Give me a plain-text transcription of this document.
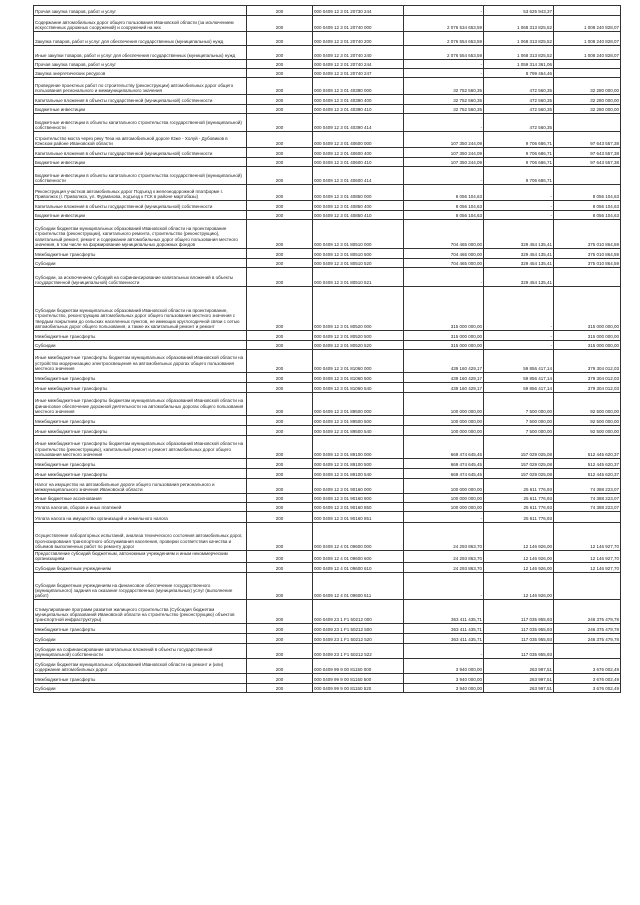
Прочая закупка товаров, работ и услуг	200	000 0409 12 3 01 20730 244	-	53 625 943,37	
Содержание автомобильных дорог общего пользования Ивановской области (за исключением искусственных дорожных сооружений) и сооружений на них	200	000 0409 12 3 01 20740 000	2 076 534 653,59	1 068 313 825,52	1 008 240 828,07
Закупка товаров, работ и услуг для обеспечения государственных (муниципальных) нужд	200	000 0409 12 3 01 20740 200	2 076 554 653,59	1 068 313 825,52	1 008 240 828,07
Иные закупки товаров, работ и услуг для обеспечения государственных (муниципальных) нужд	200	000 0409 12 3 01 20740 240	2 076 554 653,59	1 068 313 825,52	1 008 240 828,07
Прочая закупка товаров, работ и услуг	200	000 0409 12 3 01 20740 244	-	1 059 314 361,06	
Закупка энергетических ресурсов	200	000 0409 12 3 01 20740 247	-	8 799 464,46	
Проведение проектных работ по строительству (реконструкции) автомобильных дорог общего пользования регионального и межмуниципального значения	200	000 0409 12 3 01 40390 000	32 752 560,35	472 560,35	32 280 000,00
Капитальные вложения в объекты государственной (муниципальной) собственности	200	000 0409 12 3 01 40390 400	32 752 560,35	472 560,35	32 280 000,00
Бюджетные инвестиции	200	000 0409 12 3 01 40390 410	32 752 560,35	472 560,35	32 280 000,00
Бюджетные инвестиции в объекты капитального строительства государственной (муниципальной) собственности	200	000 0409 12 3 01 40390 414	-	472 560,35	
Строительство моста через реку Теза на автомобильной дороге Юже - Холуй - Дубовиков в Южском районе Ивановской области	200	000 0409 12 3 01 40600 000	107 350 244,09	9 706 686,71	97 643 557,38
Капитальные вложения в объекты государственной (муниципальной) собственности	200	000 0409 12 3 01 40600 400	107 350 244,09	9 706 686,71	97 643 557,38
Бюджетные инвестиции	200	000 0409 12 3 01 40600 410	107 350 244,09	9 706 686,71	97 643 557,38
Бюджетные инвестиции в объекты капитального строительства государственной (муниципальной) собственности	200	000 0409 12 3 01 40600 414	-	9 706 686,71	
Реконструкция участков автомобильных дорог Подъезд к железнодорожной платформе г. Приволжск (г. Приволжск, ул. Фурманова, подъезд к ГСК в районе мартобазы)	200	000 0409 12 3 01 40850 000	8 056 104,63	-	8 056 104,63
Капитальные вложения в объекты государственной (муниципальной) собственности	200	000 0409 12 3 01 40850 400	8 056 104,63	-	8 056 104,63
Бюджетные инвестиции	200	000 0409 12 3 01 40850 410	8 056 104,63	-	8 056 104,63
Субсидии бюджетам муниципальных образований Ивановской области на проектирование строительства (реконструкции), капитального ремонта, строительство (реконструкцию), капитальный ремонт, ремонт и содержание автомобильных дорог общего пользования местного значения, в том числе на формирование муниципальных дорожных фондов	200	000 0409 12 3 01 80510 000	704 465 000,00	329 454 135,41	375 010 864,59
Межбюджетные трансферты	200	000 0409 12 3 01 80510 500	704 465 000,00	329 454 135,41	375 010 864,59
Субсидии	200	000 0409 12 3 01 80510 520	704 465 000,00	329 454 135,41	375 010 864,59
Субсидии, за исключением субсидий на софинансирование капитальных вложений в объекты государственной (муниципальной) собственности	200	000 0409 12 3 01 80510 521	-	329 454 135,41	
Субсидии бюджетам муниципальных образований Ивановской области на проектирование, строительство, реконструкцию автомобильных дорог общего пользования местного значения с твердым покрытием до сельских населенных пунктов, не имеющих круглогодичной связи с сетью автомобильных дорог общего пользования, а также их капитальный ремонт и ремонт	200	000 0409 12 3 01 80520 000	315 000 000,00	-	315 000 000,00
Межбюджетные трансферты	200	000 0409 12 3 01 80520 500	315 000 000,00	-	315 000 000,00
Субсидии	200	000 0409 12 3 01 80520 520	315 000 000,00	-	315 000 000,00
Иные межбюджетные трансферты бюджетам муниципальных образований Ивановской области на устройство модернизацию электроосвещения на автомобильных дорогах общего пользования местного значения	200	000 0409 12 3 01 81060 000	439 160 429,17	59 856 417,14	379 304 012,03
Межбюджетные трансферты	200	000 0409 12 3 01 81060 500	439 160 429,17	59 856 417,14	379 304 012,03
Иные межбюджетные трансферты	200	000 0409 12 3 01 81060 540	439 160 429,17	59 856 417,14	379 304 012,03
Иные межбюджетные трансферты бюджетам муниципальных образований Ивановской области на финансовое обеспечение дорожной деятельности на автомобильных дорогах общего пользования местного значения	200	000 0409 12 3 01 89500 000	100 000 000,00	7 500 000,00	92 500 000,00
Межбюджетные трансферты	200	000 0409 12 3 01 89500 500	100 000 000,00	7 500 000,00	92 500 000,00
Иные межбюджетные трансферты	200	000 0409 12 3 01 89500 540	100 000 000,00	7 500 000,00	92 500 000,00
Иные межбюджетные трансферты бюджетам муниципальных образований Ивановской области на строительство (реконструкцию), капитальный ремонт и ремонт автомобильных дорог общего пользования местного значения	200	000 0409 12 3 01 89100 000	669 474 645,45	157 029 025,08	512 445 620,37
Межбюджетные трансферты	200	000 0409 12 3 01 89100 500	669 474 645,45	157 029 025,08	512 445 620,37
Иные межбюджетные трансферты	200	000 0409 12 3 01 89100 540	669 474 645,45	157 029 025,08	512 445 620,37
Налог на имущество на автомобильные дороги общего пользования регионального и межмуниципального значения Ивановской области	200	000 0409 12 3 01 90160 000	100 000 000,00	25 611 776,93	74 388 223,07
Иные бюджетные ассигнования	200	000 0409 12 3 01 90160 800	100 000 000,00	25 611 776,93	74 388 223,07
Уплата налогов, сборов и иных платежей	200	000 0409 12 3 01 90160 850	100 000 000,00	25 611 776,93	74 388 223,07
Уплата налога на имущество организаций и земельного налога	200	000 0409 12 3 01 90160 851	-	25 611 776,93	
Осуществление лабораторных испытаний, анализа технического состояния автомобильных дорог, прогнозирования транспортного обслуживания населения, проверки соответствия качества и объемов выполненных работ по ремонту дорог	200	000 0409 12 4 01 09600 000	24 293 863,70	12 146 926,00	12 146 927,70
Предоставление субсидий бюджетным, автономным учреждениям и иным некоммерческим организациям	200	000 0409 12 4 01 09600 600	24 293 863,70	12 146 926,00	12 146 927,70
Субсидии бюджетным учреждениям	200	000 0409 12 4 01 09600 610	24 293 863,70	12 146 926,00	12 146 927,70
Субсидии бюджетным учреждениям на финансовое обеспечение государственного (муниципального) задания на оказание государственных (муниципальных) услуг (выполнение работ)	200	000 0409 12 4 01 09600 611	-	12 146 926,00	
Стимулирование программ развития жилищного строительства (Субсидия бюджетам муниципальных образований Ивановской области на строительство (реконструкцию) объектов транспортной инфраструктуры)	200	000 0409 23 1 F1 50212 000	363 411 435,71	117 035 955,93	246 375 479,78
Межбюджетные трансферты	200	000 0409 23 1 F1 50212 500	363 411 435,71	117 035 955,93	246 375 479,78
Субсидии	200	000 0409 23 1 F1 50212 520	363 411 435,71	117 035 955,93	246 375 479,78
Субсидии на софинансирование капитальных вложений в объекты государственной (муниципальной) собственности	200	000 0409 23 1 F1 50212 522	-	117 035 955,93	
Субсидии бюджетам муниципальных образований Ивановской области на ремонт и (или) содержание автомобильных дорог	200	000 0409 99 9 00 81150 000	3 940 000,00	263 997,51	3 676 002,49
Межбюджетные трансферты	200	000 0409 99 9 00 81150 500	3 940 000,00	263 997,51	3 676 002,49
Субсидии	200	000 0409 99 9 00 81150 520	3 940 000,00	263 997,51	3 676 002,49
